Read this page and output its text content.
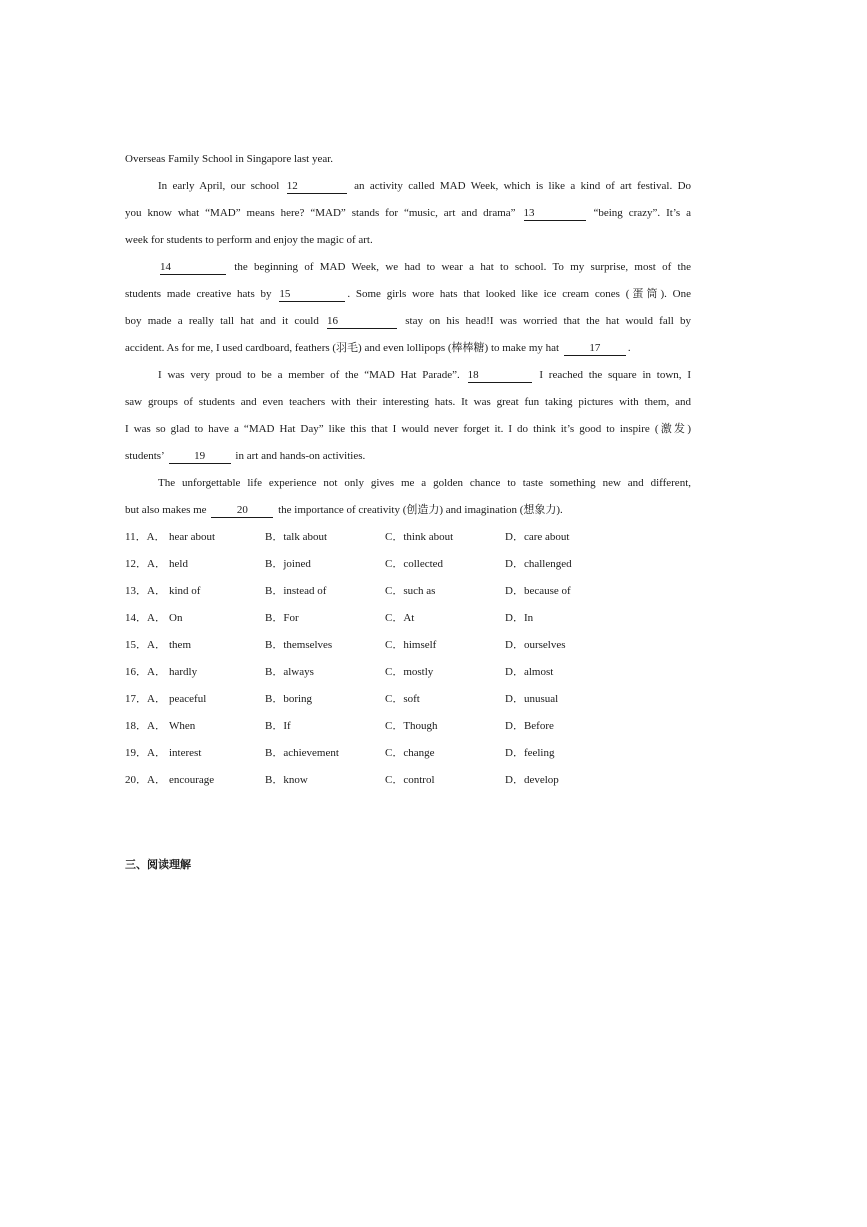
Overseas Family School in Singapore last year.
In early April, our school 12	an activity called MAD Week, which is like a kind of art festival. Do
you know what “MAD” means here? “MAD” stands for “music, art and drama” 13	“being crazy”. It’s a
week for students to perform and enjoy the magic of art.
14	the beginning of MAD Week, we had to wear a hat to school. To my surprise, most of the
students made creative hats by 15	. Some girls wore hats that looked like ice cream cones (蛋筒). One
boy made a really tall hat and it could 16	stay on his head!I was worried that the hat would fall by
accident. As for me, I used cardboard, feathers (羽毛) and even lollipops (棒棒糖) to make my hat	17	.
I was very proud to be a member of the “MAD Hat Parade”. 18	I reached the square in town, I
saw groups of students and even teachers with their interesting hats. It was great fun taking pictures with them, and
I was so glad to have a “MAD Hat Day” like this that I would never forget it. I do think it’s good to inspire (激发)
students’	19	in art and hands-on activities.
The unforgettable life experience not only gives me a golden chance to taste something new and different,
but also makes me	20	the importance of creativity (创造力) and imagination (想象力).
11．A． hear about	B．talk about	C．think about	D．care about
12．A． held	B．joined	C．collected	D．challenged
13．A． kind of	B．instead of	C．such as	D．because of
14．A． On	B．For	C．At	D．In
15．A． them	B．themselves	C．himself	D．ourselves
16．A． hardly	B．always	C．mostly	D．almost
17．A． peaceful	B．boring	C．soft	D．unusual
18．A． When	B．If	C．Though	D．Before
19．A． interest	B．achievement	C．change	D．feeling
20．A． encourage	B．know	C．control	D．develop
三、阅读理解
